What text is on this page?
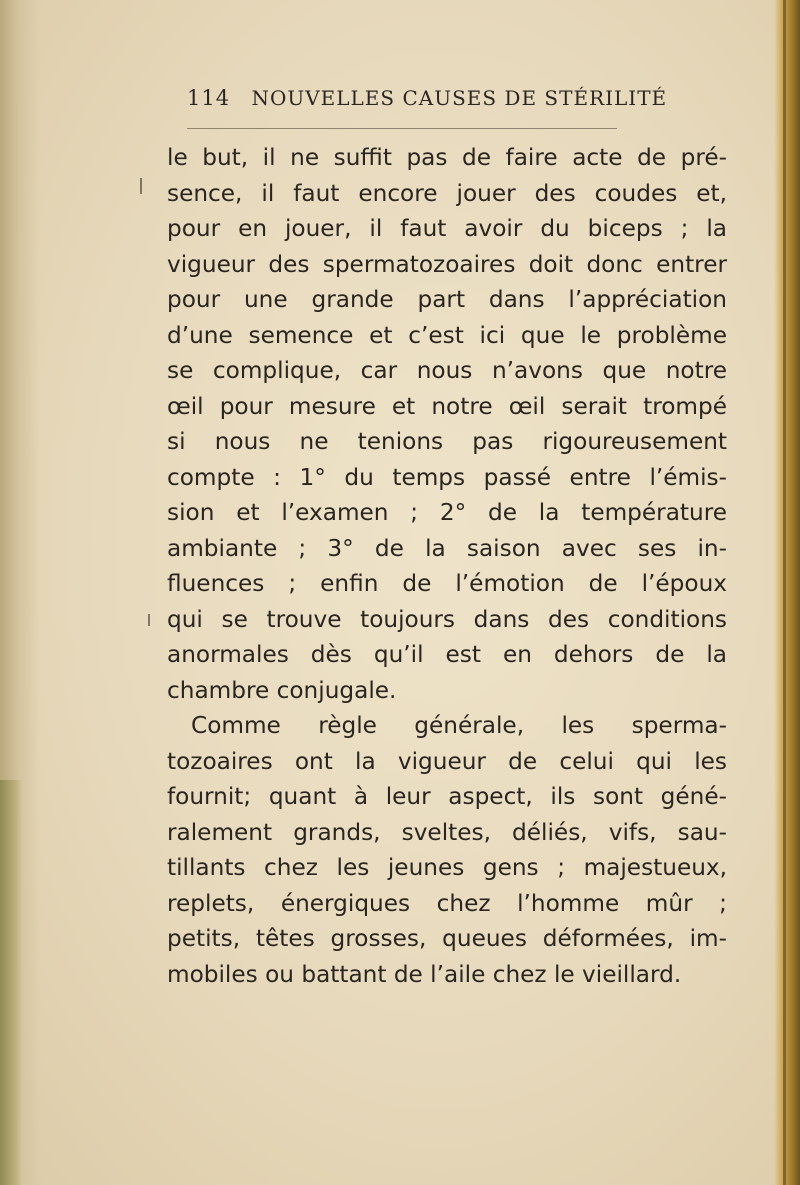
114 NOUVELLES CAUSES DE STÉRILITÉ
le but, il ne suffit pas de faire acte de pré-
sence, il faut encore jouer des coudes et,
pour en jouer, il faut avoir du biceps ; la
vigueur des spermatozoaires doit donc entrer
pour une grande part dans l’appréciation
d’une semence et c’est ici que le problème
se complique, car nous n’avons que notre
œil pour mesure et notre œil serait trompé
si nous ne tenions pas rigoureusement
compte : 1° du temps passé entre l’émis-
sion et l’examen ; 2° de la température
ambiante ; 3° de la saison avec ses in-
fluences ; enfin de l’émotion de l’époux
qui se trouve toujours dans des conditions
anormales dès qu’il est en dehors de la
chambre conjugale.
Comme règle générale, les sperma-
tozoaires ont la vigueur de celui qui les
fournit; quant à leur aspect, ils sont géné-
ralement grands, sveltes, déliés, vifs, sau-
tillants chez les jeunes gens ; majestueux,
replets, énergiques chez l’homme mûr ;
petits, têtes grosses, queues déformées, im-
mobiles ou battant de l’aile chez le vieillard.
